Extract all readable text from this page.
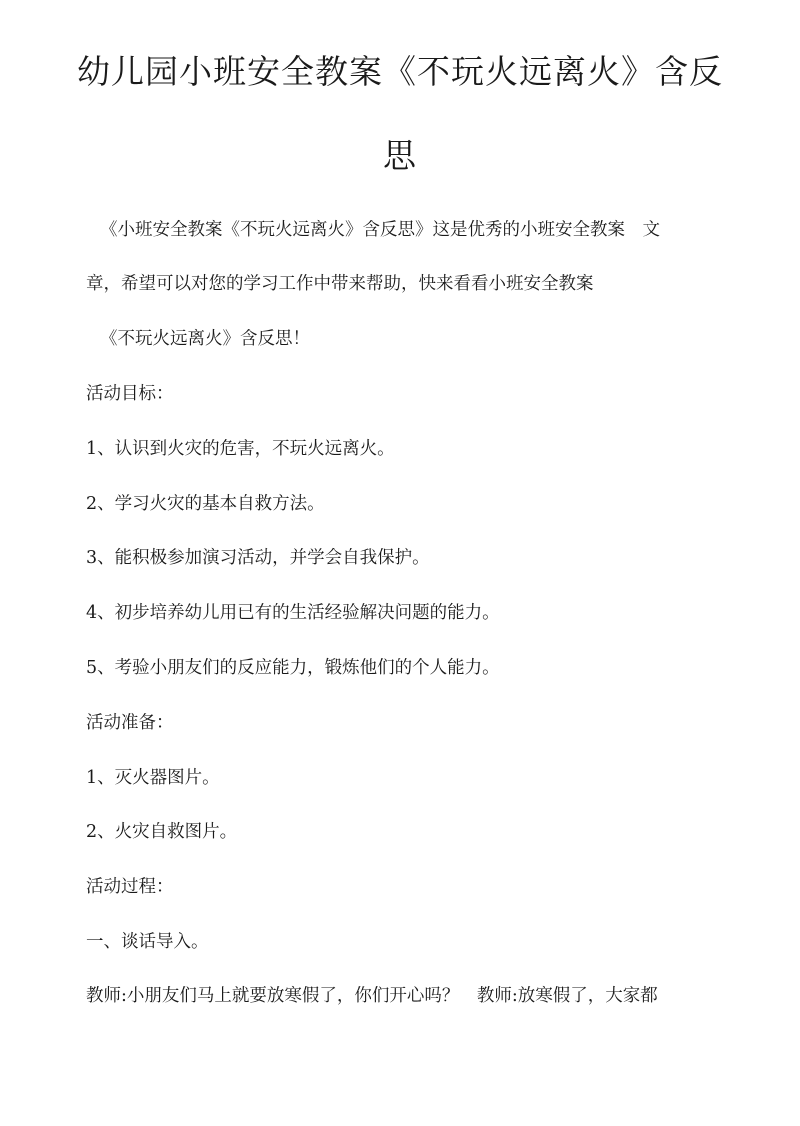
幼儿园小班安全教案《不玩火远离火》含反
思
《小班安全教案《不玩火远离火》含反思》这是优秀的小班安全教案　文
章，希望可以对您的学习工作中带来帮助，快来看看小班安全教案
《不玩火远离火》含反思！
活动目标：
1、认识到火灾的危害，不玩火远离火。
2、学习火灾的基本自救方法。
3、能积极参加演习活动，并学会自我保护。
4、初步培养幼儿用已有的生活经验解决问题的能力。
5、考验小朋友们的反应能力，锻炼他们的个人能力。
活动准备：
1、灭火器图片。
2、火灾自救图片。
活动过程：
一、谈话导入。
教师:小朋友们马上就要放寒假了，你们开心吗？　教师:放寒假了，大家都
